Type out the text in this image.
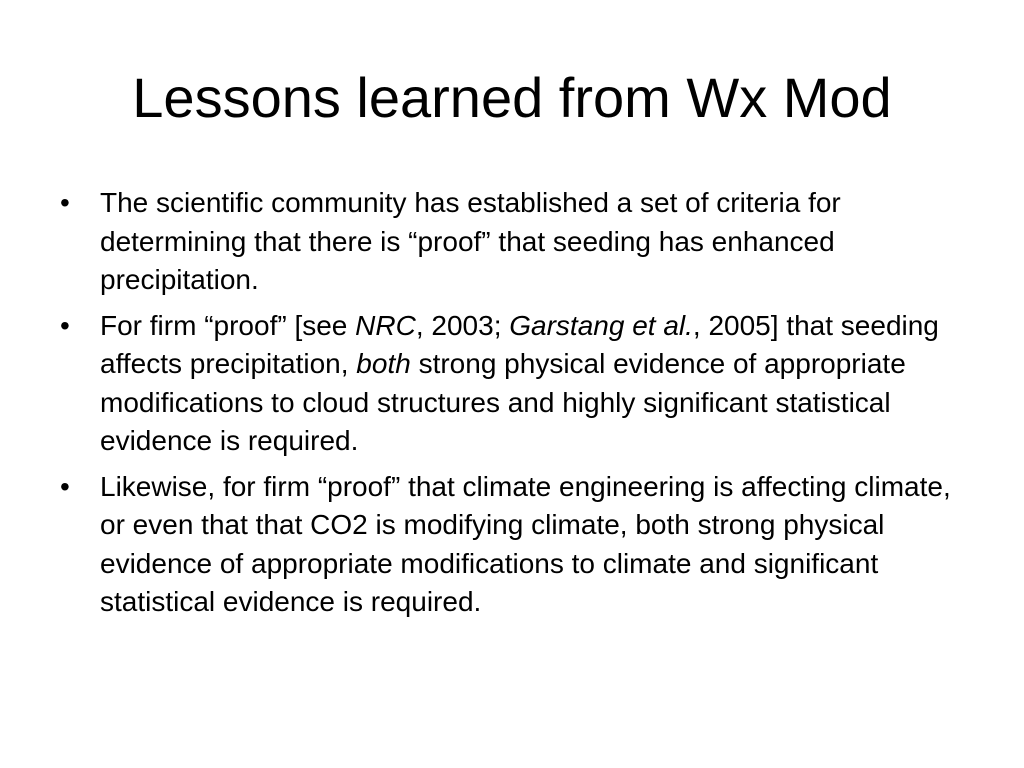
Lessons learned from Wx Mod
• The scientific community has established a set of criteria for determining that there is “proof” that seeding has enhanced precipitation.
• For firm “proof” [see NRC, 2003; Garstang et al., 2005] that seeding affects precipitation, both strong physical evidence of appropriate modifications to cloud structures and highly significant statistical evidence is required.
• Likewise, for firm “proof” that climate engineering is affecting climate, or even that that CO2 is modifying climate, both strong physical evidence of appropriate modifications to climate and significant statistical evidence is required.
